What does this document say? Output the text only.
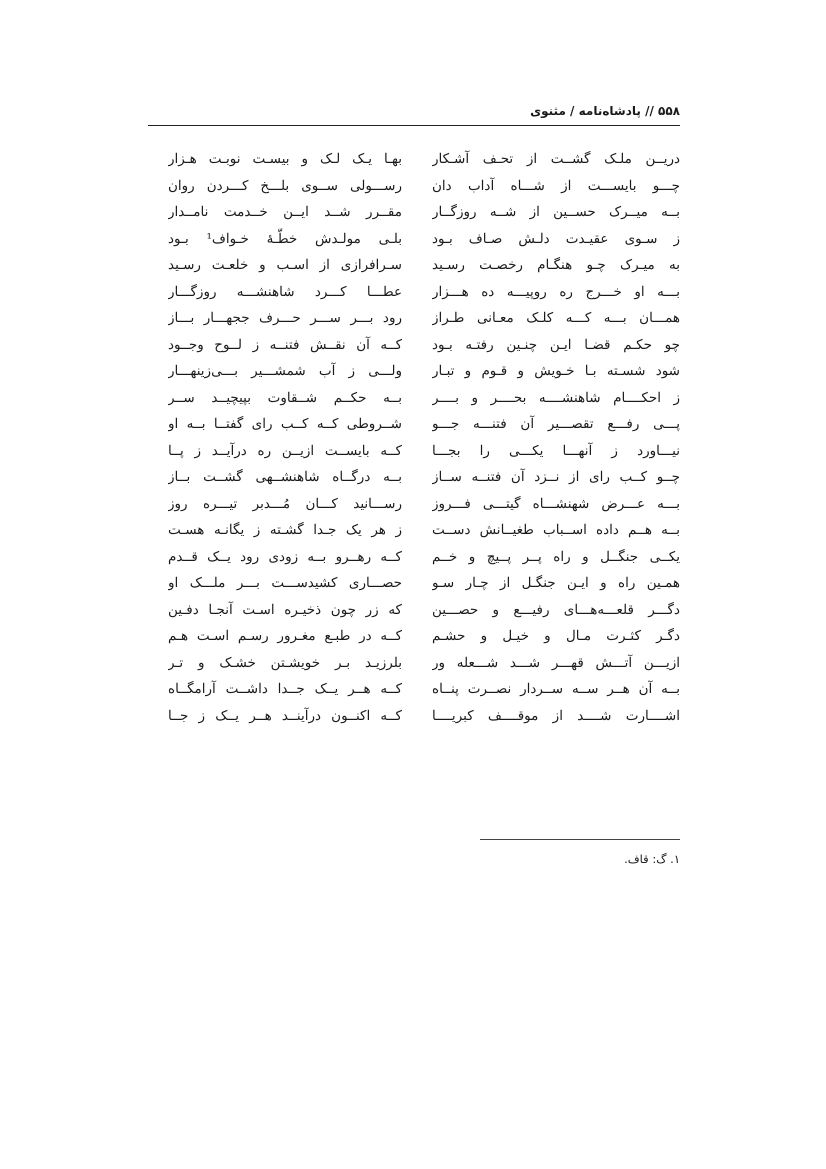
۵۵۸ // پادشاه‌نامه / مثنوی
دریــن ملـک گشــت از تحـف آشـکار
بهـا یـک لـک و بیسـت نوبـت هـزار
چـــو بایســـت از شـــاه آداب دان
رســـولی ســوی بلـــخ کـــردن روان
بــه میــرک حســین از شــه روزگــار
مقــرر شــد ایــن خــدمت نامــدار
ز سـوی عقیـدت دلـش صـاف بـود
بلـی مولـدش خطّـهٔ خـواف¹ بـود
به میـرک چـو هنگـام رخصـت رسـید
سـرافرازی از اسـب و خلعـت رسـید
بـــه او خـــرج ره روپیـــه ده هـــزار
عطـــا کـــرد شاهنشـــه روزگـــار
همـــان بـــه کـــه کلـک معـانی طـراز
رود بـــر ســـر حـــرف ججهـــار بـــاز
چو حکـم قضـا ایـن چنـین رفتـه بـود
کــه آن نقــش فتنــه ز لــوح وجــود
شود شسـته بـا خـویش و قـوم و تبـار
ولـــی ز آب شمشـــیر بـــی‌زینهـــار
ز احکــــام شاهنشــــه بحــــر و بــــر
بــه حکــم شــقاوت بپیچیــد ســر
پـــی رفـــع تقصـــیر آن فتنـــه جـــو
شــروطی کــه کــب رای گفتــا بــه او
نیـــاورد ز آنهـــا یکـــی را بجـــا
کــه بایســت ازیــن ره درآیــد ز پــا
چــو کــب رای از نــزد آن فتنــه ســاز
بــه درگــاه شاهنشــهی گشــت بــاز
بـــه عـــرض شهنشـــاه گیتـــی فـــروز
رســـانید کـــان مُـــدبر تیـــره روز
بــه هــم داده اســباب طغیــانش دســت
ز هر یک جـدا گشـته ز یگانـه هسـت
یکــی جنگــل و راه پــر پــیچ و خــم
کــه رهــرو بــه زودی رود یــک قــدم
همـین راه و ایـن جنگـل از چـار سـو
حصـــاری کشیدســـت بـــر ملـــک او
دگـــر قلعـــه‌هـــای رفیـــع و حصـــین
که زر چون ذخیـره اسـت آنجـا دفـین
دگـر کثـرت مـال و خیـل و حشـم
کــه در طبـع مغـرور رسـم اسـت هـم
ازیـــن آتـــش قهـــر شـــد شـــعله ور
بلرزیـد بـر خویشـتن خشـک و تـر
بــه آن هــر ســه ســردار نصــرت پنــاه
کــه هــر یــک جــدا داشــت آرامگــاه
اشــــارت شــــد از موقــــف کبریــــا
کــه اکنــون درآینــد هــر یــک ز جــا
۱. گ: قاف.
